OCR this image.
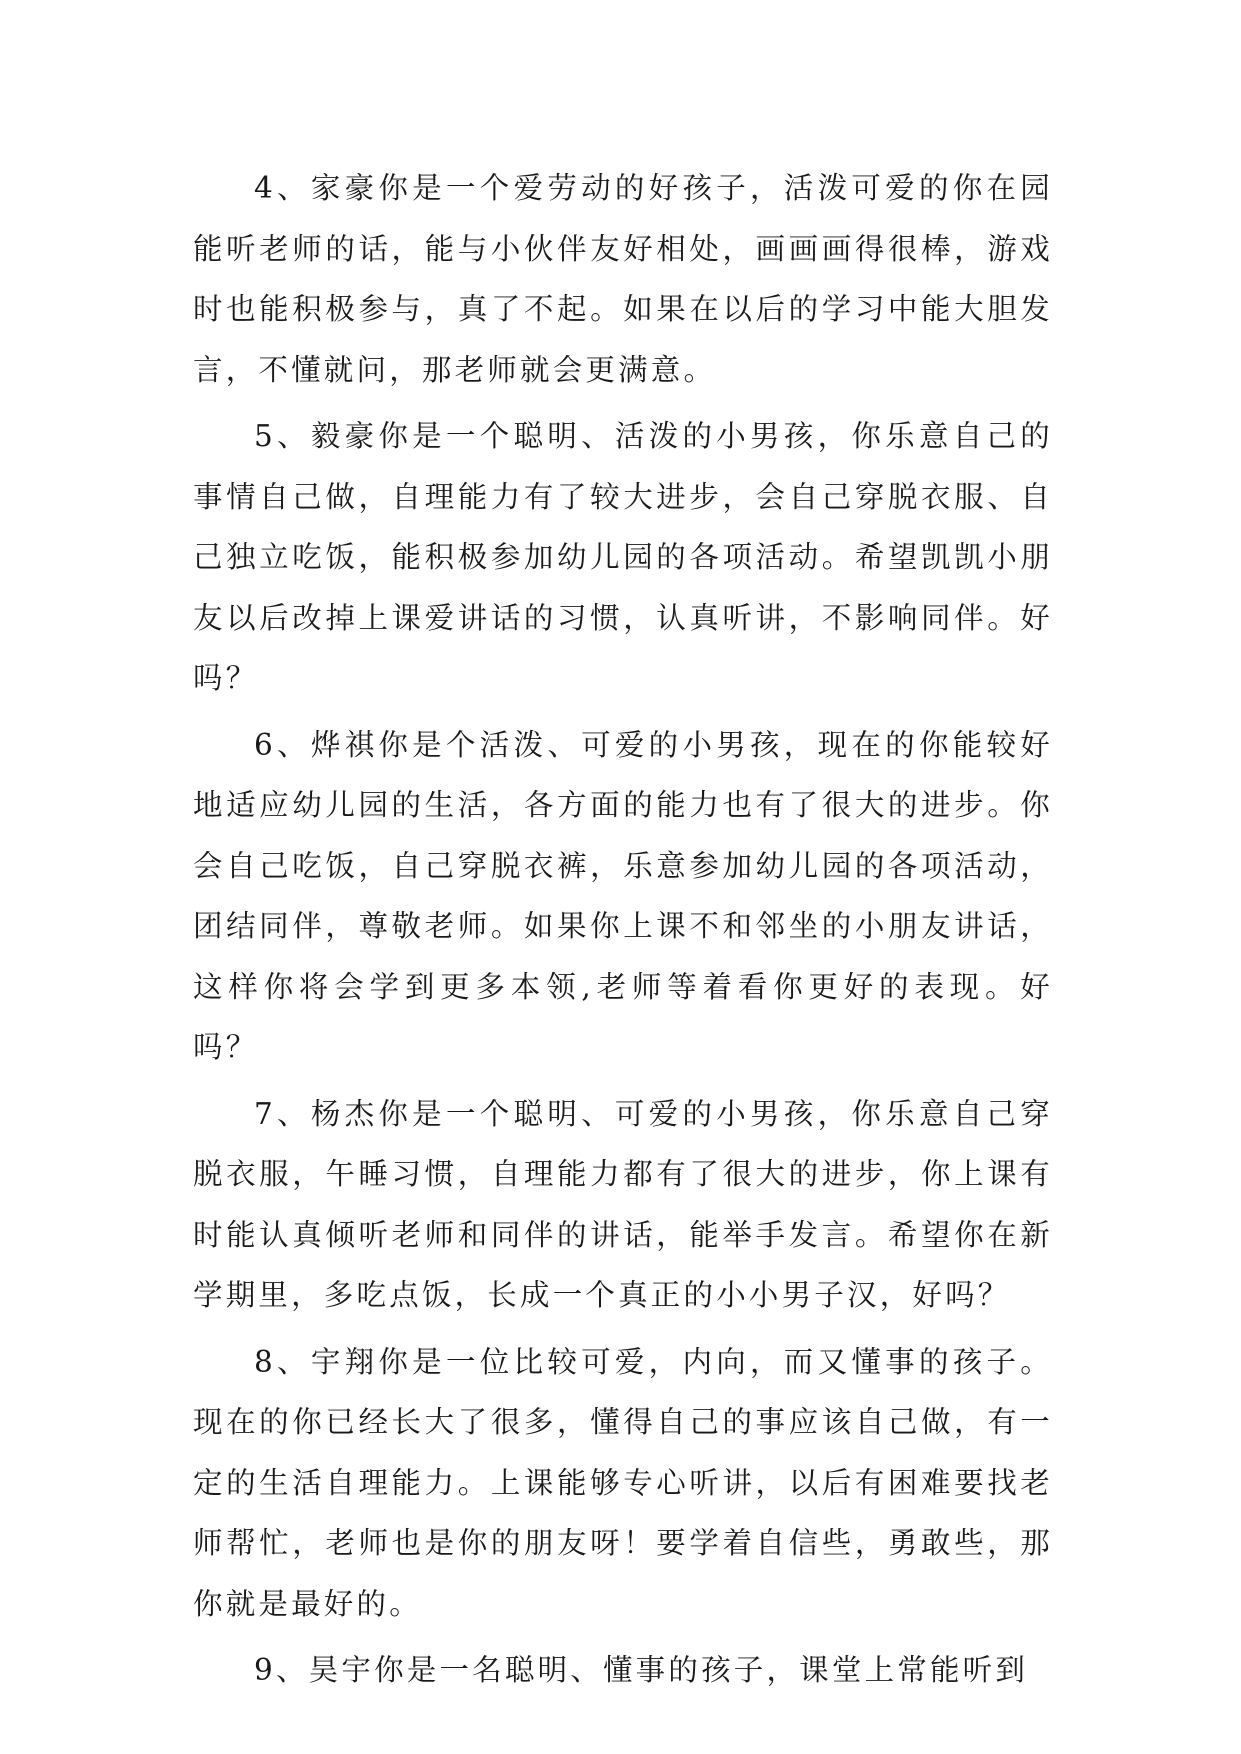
4、家豪你是一个爱劳动的好孩子，活泼可爱的你在园能听老师的话，能与小伙伴友好相处，画画画得很棒，游戏时也能积极参与，真了不起。如果在以后的学习中能大胆发言，不懂就问，那老师就会更满意。

5、毅豪你是一个聪明、活泼的小男孩，你乐意自己的事情自己做，自理能力有了较大进步，会自己穿脱衣服、自己独立吃饭，能积极参加幼儿园的各项活动。希望凯凯小朋友以后改掉上课爱讲话的习惯，认真听讲，不影响同伴。好吗？

6、烨祺你是个活泼、可爱的小男孩，现在的你能较好地适应幼儿园的生活，各方面的能力也有了很大的进步。你会自己吃饭，自己穿脱衣裤，乐意参加幼儿园的各项活动，团结同伴，尊敬老师。如果你上课不和邻坐的小朋友讲话，这样你将会学到更多本领,老师等着看你更好的表现。好吗？

7、杨杰你是一个聪明、可爱的小男孩，你乐意自己穿脱衣服，午睡习惯，自理能力都有了很大的进步，你上课有时能认真倾听老师和同伴的讲话，能举手发言。希望你在新学期里，多吃点饭，长成一个真正的小小男子汉，好吗？

8、宇翔你是一位比较可爱，内向，而又懂事的孩子。现在的你已经长大了很多，懂得自己的事应该自己做，有一定的生活自理能力。上课能够专心听讲，以后有困难要找老师帮忙，老师也是你的朋友呀！要学着自信些，勇敢些，那你就是最好的。

9、昊宇你是一名聪明、懂事的孩子，课堂上常能听到
